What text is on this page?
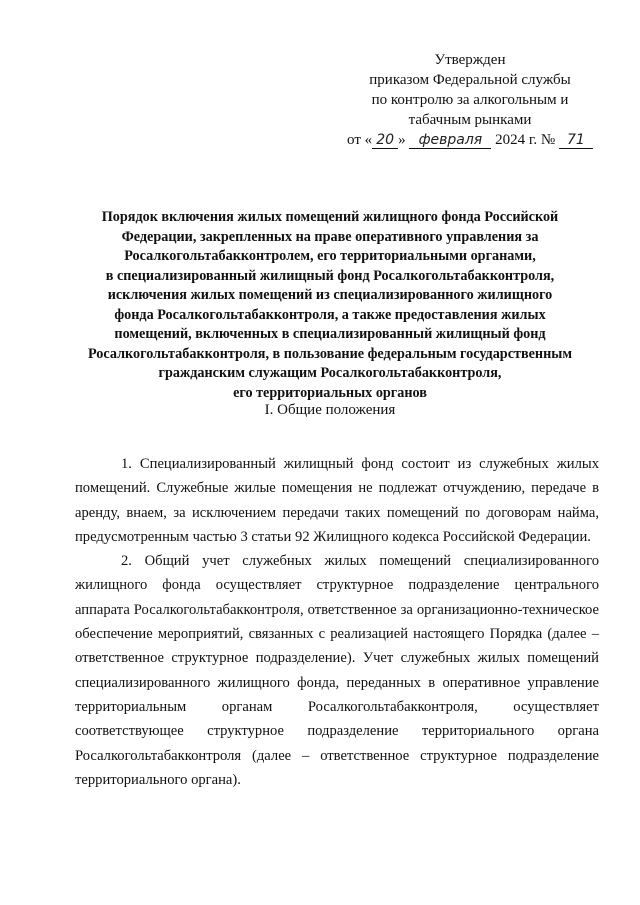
Утвержден
приказом Федеральной службы
по контролю за алкогольным и
табачным рынками
от « 20 » февраля 2024 г. № 71
Порядок включения жилых помещений жилищного фонда Российской
Федерации, закрепленных на праве оперативного управления за
Росалкогольтабакконтролем, его территориальными органами,
в специализированный жилищный фонд Росалкогольтабакконтроля,
исключения жилых помещений из специализированного жилищного
фонда Росалкогольтабакконтроля, а также предоставления жилых
помещений, включенных в специализированный жилищный фонд
Росалкогольтабакконтроля, в пользование федеральным государственным
гражданским служащим Росалкогольтабакконтроля,
его территориальных органов
I. Общие положения

1. Специализированный жилищный фонд состоит из служебных жилых помещений. Служебные жилые помещения не подлежат отчуждению, передаче в аренду, внаем, за исключением передачи таких помещений по договорам найма, предусмотренным частью 3 статьи 92 Жилищного кодекса Российской Федерации.

2. Общий учет служебных жилых помещений специализированного жилищного фонда осуществляет структурное подразделение центрального аппарата Росалкогольтабакконтроля, ответственное за организационно-техническое обеспечение мероприятий, связанных с реализацией настоящего Порядка (далее – ответственное структурное подразделение). Учет служебных жилых помещений специализированного жилищного фонда, переданных в оперативное управление территориальным органам Росалкогольтабакконтроля, осуществляет соответствующее структурное подразделение территориального органа Росалкогольтабакконтроля (далее – ответственное структурное подразделение территориального органа).
